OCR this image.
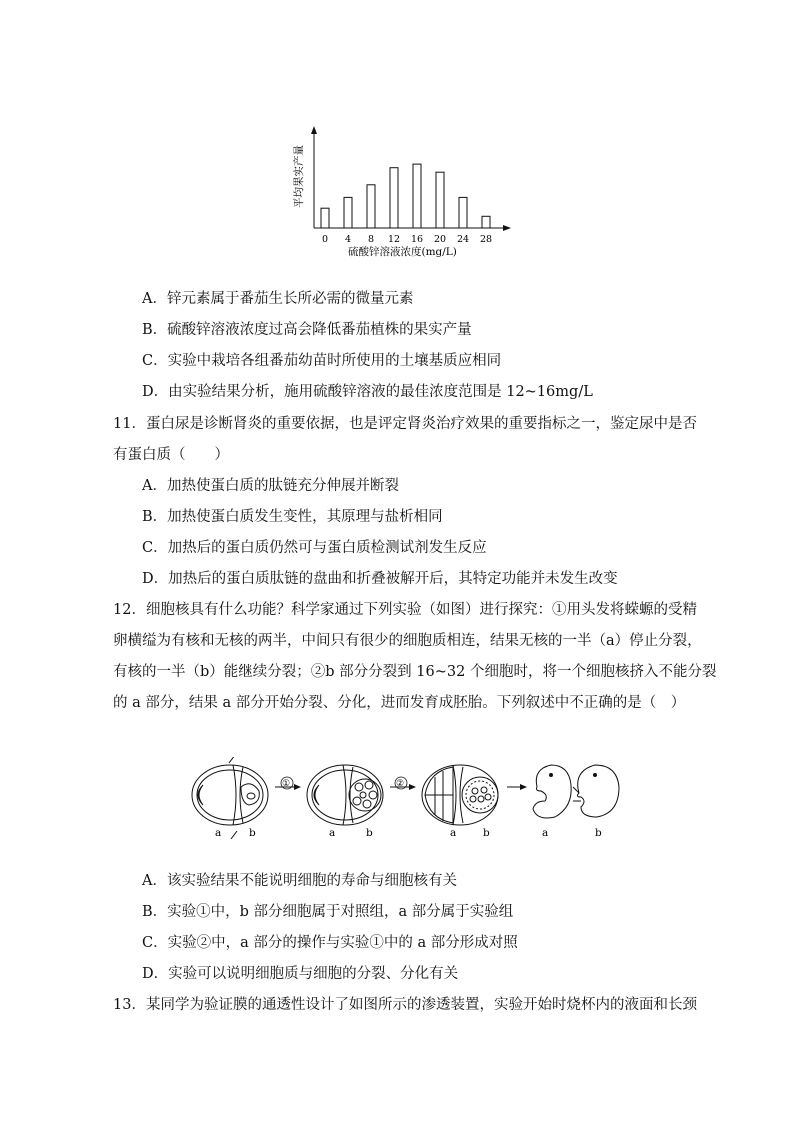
0 4 8 12 16 20 24 28
平均果实产量
硫酸锌溶液浓度(mg/L)
A．锌元素属于番茄生长所必需的微量元素
B．硫酸锌溶液浓度过高会降低番茄植株的果实产量
C．实验中栽培各组番茄幼苗时所使用的土壤基质应相同
D．由实验结果分析，施用硫酸锌溶液的最佳浓度范围是 12~16mg/L
11．蛋白尿是诊断肾炎的重要依据，也是评定肾炎治疗效果的重要指标之一，鉴定尿中是否
有蛋白质（　　）
A．加热使蛋白质的肽链充分伸展并断裂
B．加热使蛋白质发生变性，其原理与盐析相同
C．加热后的蛋白质仍然可与蛋白质检测试剂发生反应
D．加热后的蛋白质肽链的盘曲和折叠被解开后，其特定功能并未发生改变
12．细胞核具有什么功能？科学家通过下列实验（如图）进行探究：①用头发将蝾螈的受精
卵横缢为有核和无核的两半，中间只有很少的细胞质相连，结果无核的一半（a）停止分裂，
有核的一半（b）能继续分裂；②b 部分分裂到 16~32 个细胞时，将一个细胞核挤入不能分裂
的 a 部分，结果 a 部分开始分裂、分化，进而发育成胚胎。下列叙述中不正确的是（　）
a	b
①
a	b
②
a	b	a	b
A．该实验结果不能说明细胞的寿命与细胞核有关
B．实验①中，b 部分细胞属于对照组，a 部分属于实验组
C．实验②中，a 部分的操作与实验①中的 a 部分形成对照
D．实验可以说明细胞质与细胞的分裂、分化有关
13．某同学为验证膜的通透性设计了如图所示的渗透装置，实验开始时烧杯内的液面和长颈
